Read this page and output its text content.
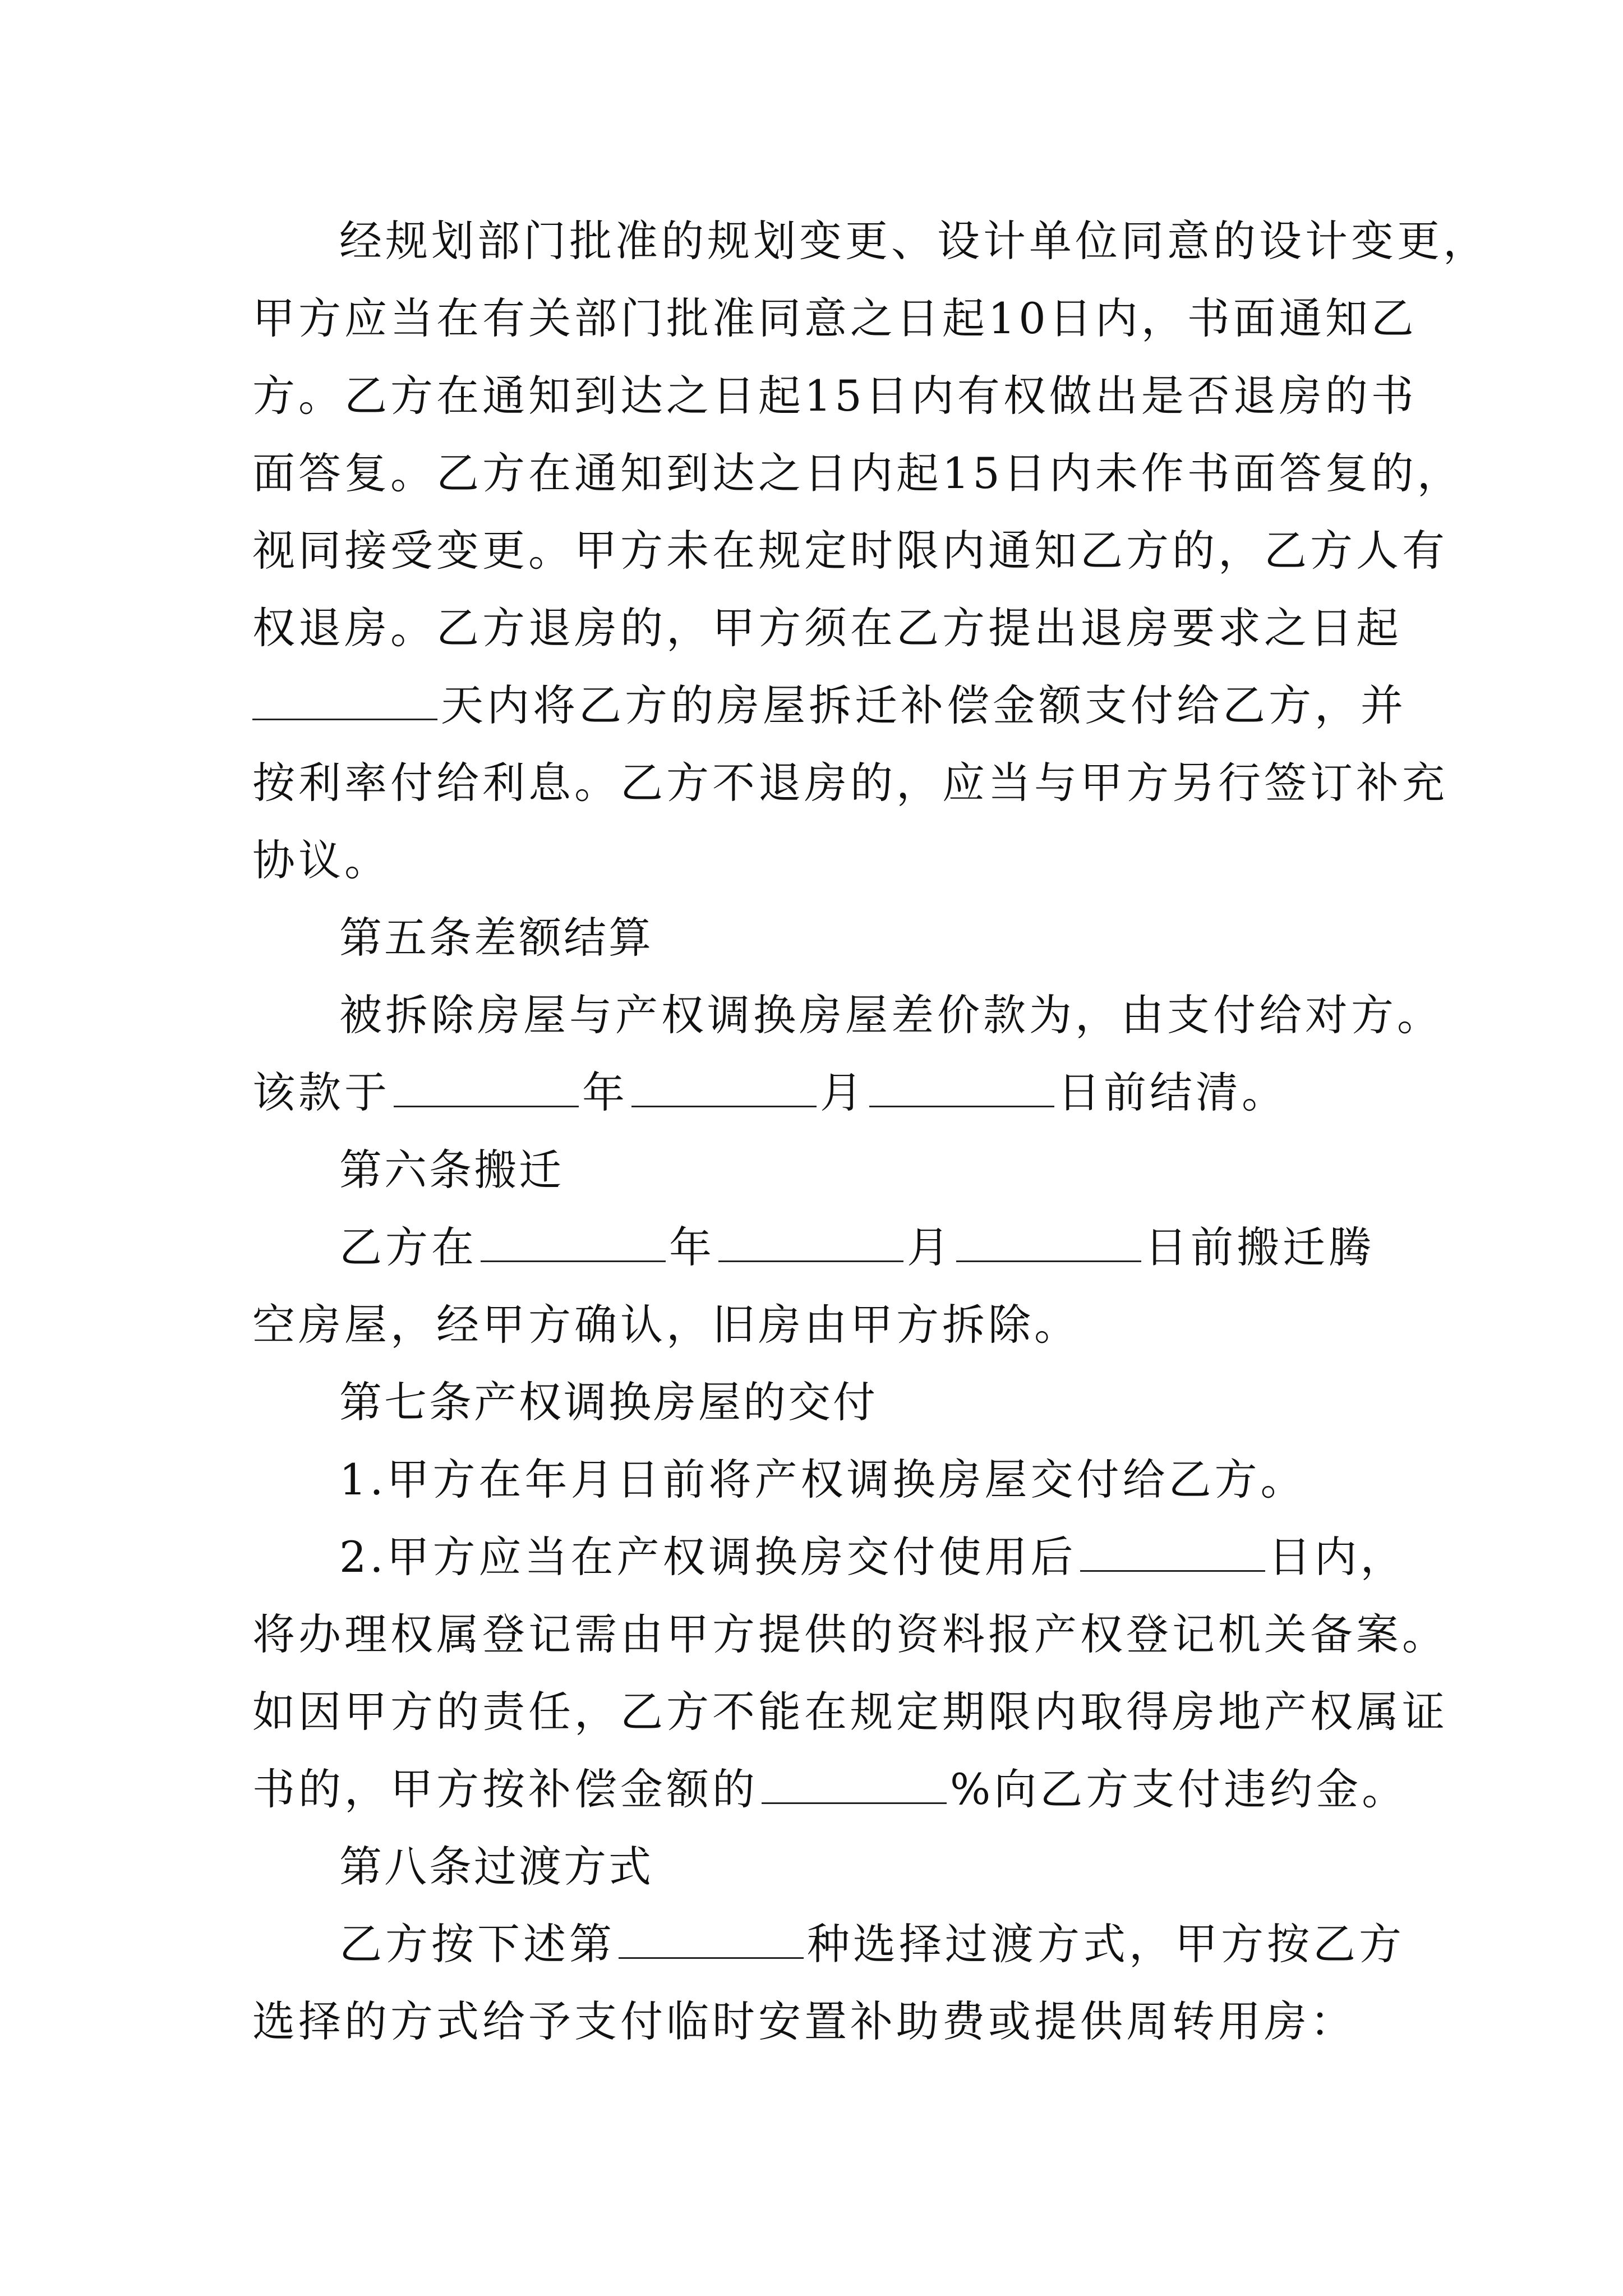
经规划部门批准的规划变更、设计单位同意的设计变更，
甲方应当在有关部门批准同意之日起10日内，书面通知乙
方。乙方在通知到达之日起15日内有权做出是否退房的书
面答复。乙方在通知到达之日内起15日内未作书面答复的，
视同接受变更。甲方未在规定时限内通知乙方的，乙方人有
权退房。乙方退房的，甲方须在乙方提出退房要求之日起
天内将乙方的房屋拆迁补偿金额支付给乙方，并
按利率付给利息。乙方不退房的，应当与甲方另行签订补充
协议。
第五条差额结算
被拆除房屋与产权调换房屋差价款为，由支付给对方。
该款于	年	月	日前结清。
第六条搬迁
乙方在	年	月	日前搬迁腾
空房屋，经甲方确认，旧房由甲方拆除。
第七条产权调换房屋的交付
1.甲方在年月日前将产权调换房屋交付给乙方。
2.甲方应当在产权调换房交付使用后	日内，
将办理权属登记需由甲方提供的资料报产权登记机关备案。
如因甲方的责任，乙方不能在规定期限内取得房地产权属证
书的，甲方按补偿金额的	%向乙方支付违约金。
第八条过渡方式
乙方按下述第	种选择过渡方式，甲方按乙方
选择的方式给予支付临时安置补助费或提供周转用房：
